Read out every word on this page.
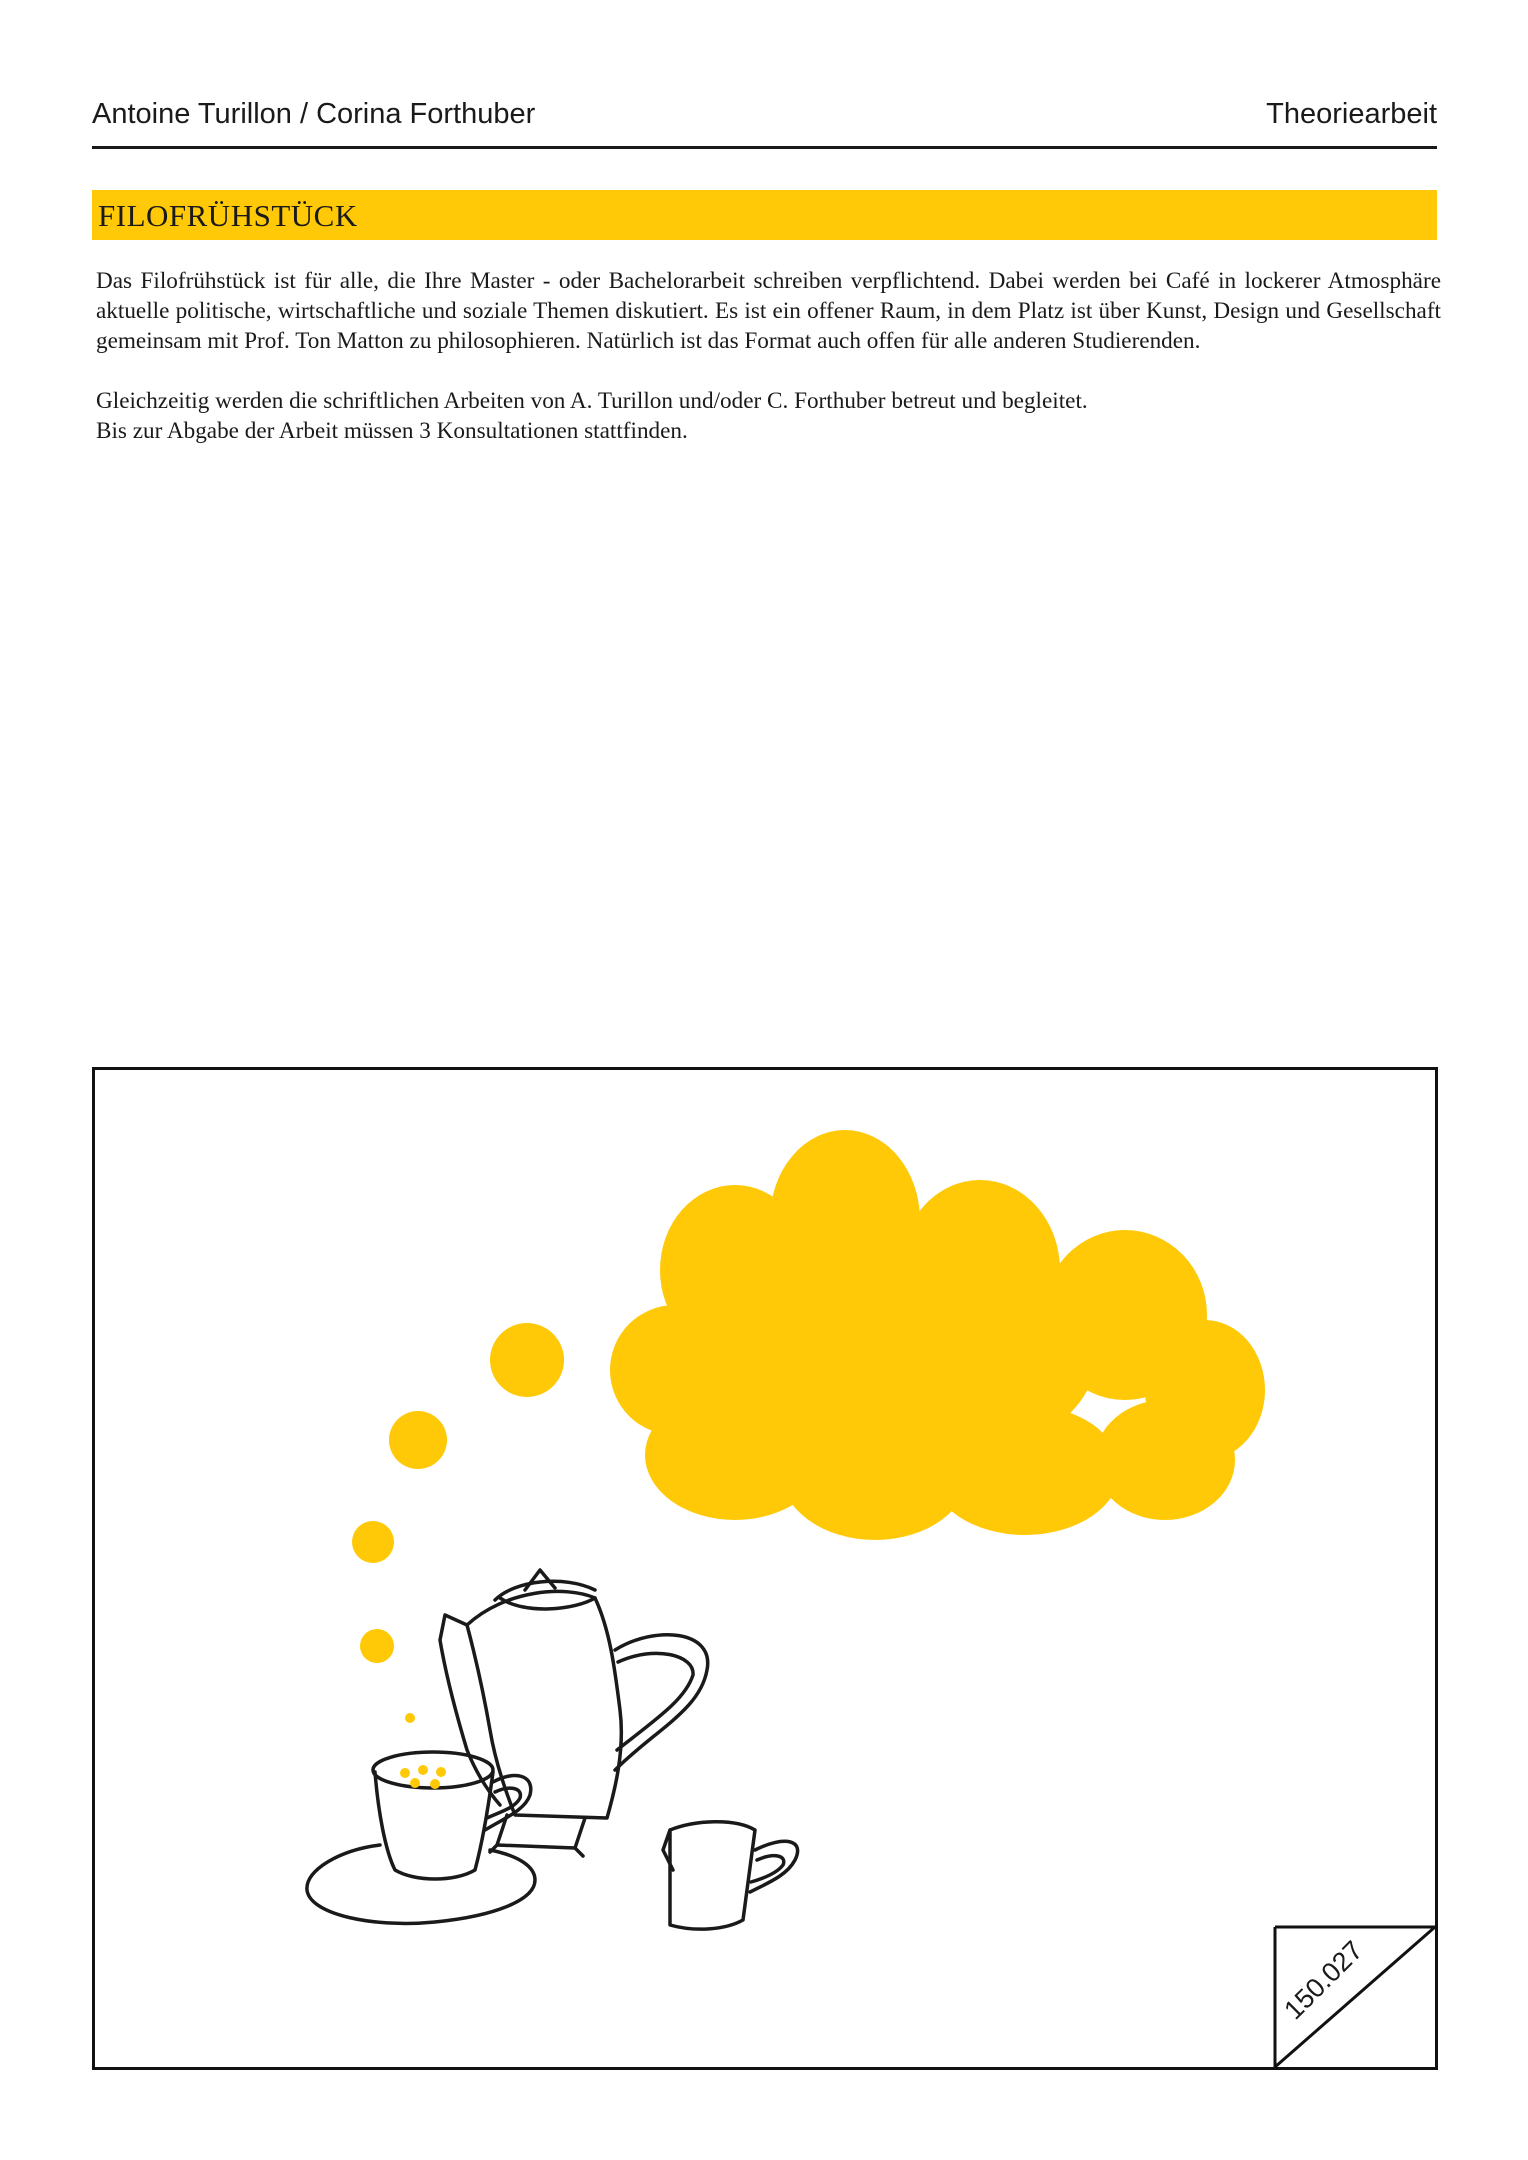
Antoine Turillon / Corina Forthuber	Theoriearbeit
FILOFRÜHSTÜCK

Das Filofrühstück ist für alle, die Ihre Master - oder Bachelorarbeit schreiben verpflichtend. Dabei werden bei Café in lockerer Atmosphäre aktuelle politische, wirtschaftliche und soziale Themen diskutiert. Es ist ein offener Raum, in dem Platz ist über Kunst, Design und Gesellschaft gemeinsam mit Prof. Ton Matton zu philosophieren. Natürlich ist das Format auch offen für alle anderen Studierenden.

Gleichzeitig werden die schriftlichen Arbeiten von A. Turillon und/oder C. Forthuber betreut und begleitet.

Bis zur Abgabe der Arbeit müssen 3 Konsultationen stattfinden.

150.027
